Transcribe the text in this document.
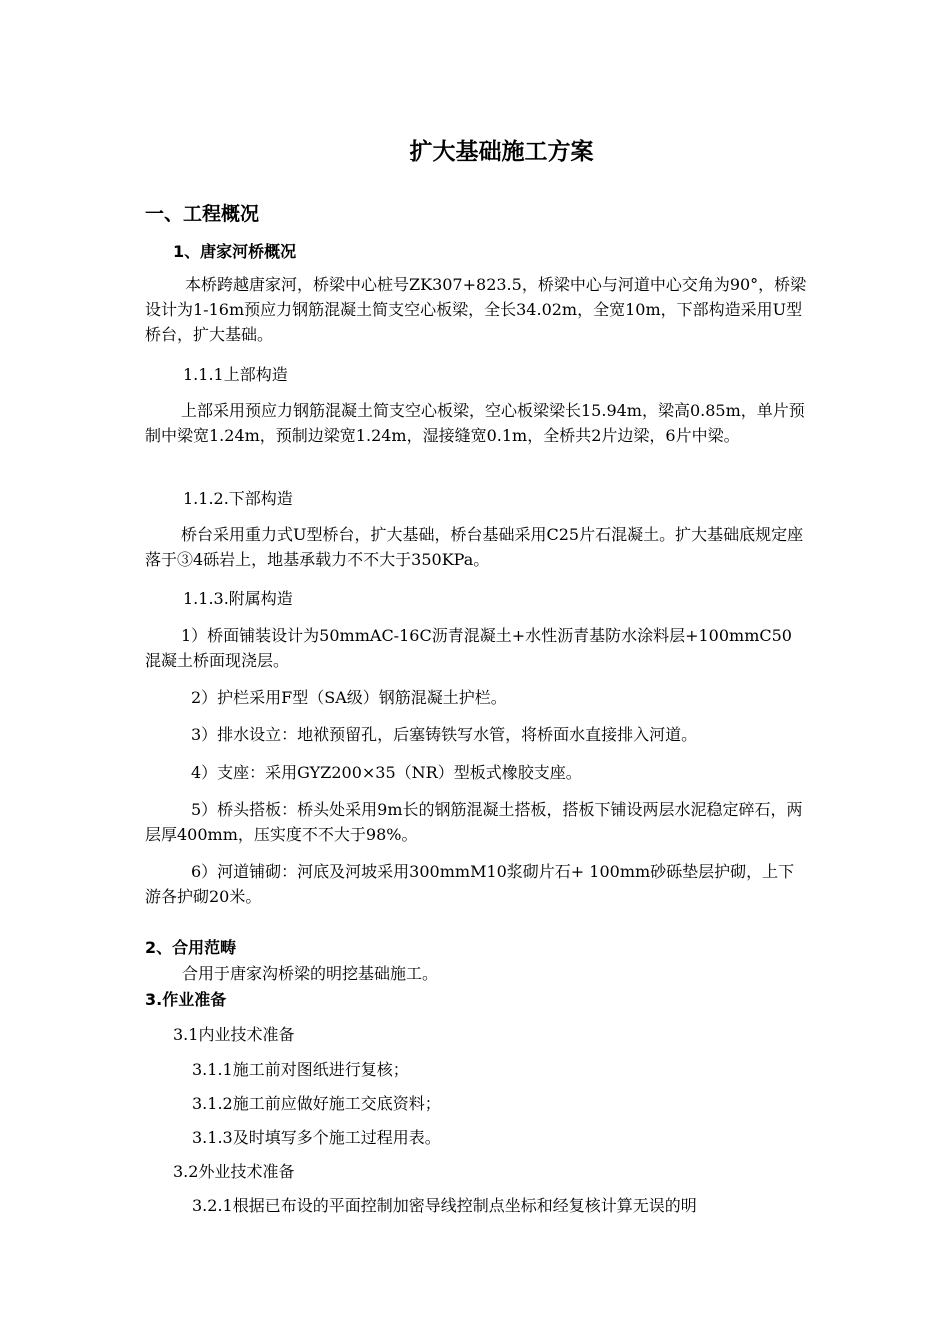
扩大基础施工方案
一、工程概况
1、唐家河桥概况

本桥跨越唐家河，桥梁中心桩号ZK307+823.5，桥梁中心与河道中心交角为90°，桥梁设计为1-16m预应力钢筋混凝土简支空心板梁，全长34.02m，全宽10m，下部构造采用U型桥台，扩大基础。

1.1.1上部构造

上部采用预应力钢筋混凝土简支空心板梁，空心板梁梁长15.94m，梁高0.85m，单片预制中梁宽1.24m，预制边梁宽1.24m，湿接缝宽0.1m，全桥共2片边梁，6片中梁。

1.1.2.下部构造

桥台采用重力式U型桥台，扩大基础，桥台基础采用C25片石混凝土。扩大基础底规定座落于③4砾岩上，地基承载力不不大于350KPa。

1.1.3.附属构造

1）桥面铺装设计为50mmAC-16C沥青混凝土+水性沥青基防水涂料层+100mmC50混凝土桥面现浇层。

2）护栏采用F型（SA级）钢筋混凝土护栏。

3）排水设立：地袱预留孔，后塞铸铁写水管，将桥面水直接排入河道。

4）支座：采用GYZ200×35（NR）型板式橡胶支座。

5）桥头搭板：桥头处采用9m长的钢筋混凝土搭板，搭板下铺设两层水泥稳定碎石，两层厚400mm，压实度不不大于98%。

6）河道铺砌：河底及河坡采用300mmM10浆砌片石+ 100mm砂砾垫层护砌，上下游各护砌20米。

2、合用范畴
合用于唐家沟桥梁的明挖基础施工。
3.作业准备
3.1内业技术准备
3.1.1施工前对图纸进行复核；
3.1.2施工前应做好施工交底资料；
3.1.3及时填写多个施工过程用表。
3.2外业技术准备
3.2.1根据已布设的平面控制加密导线控制点坐标和经复核计算无误的明
